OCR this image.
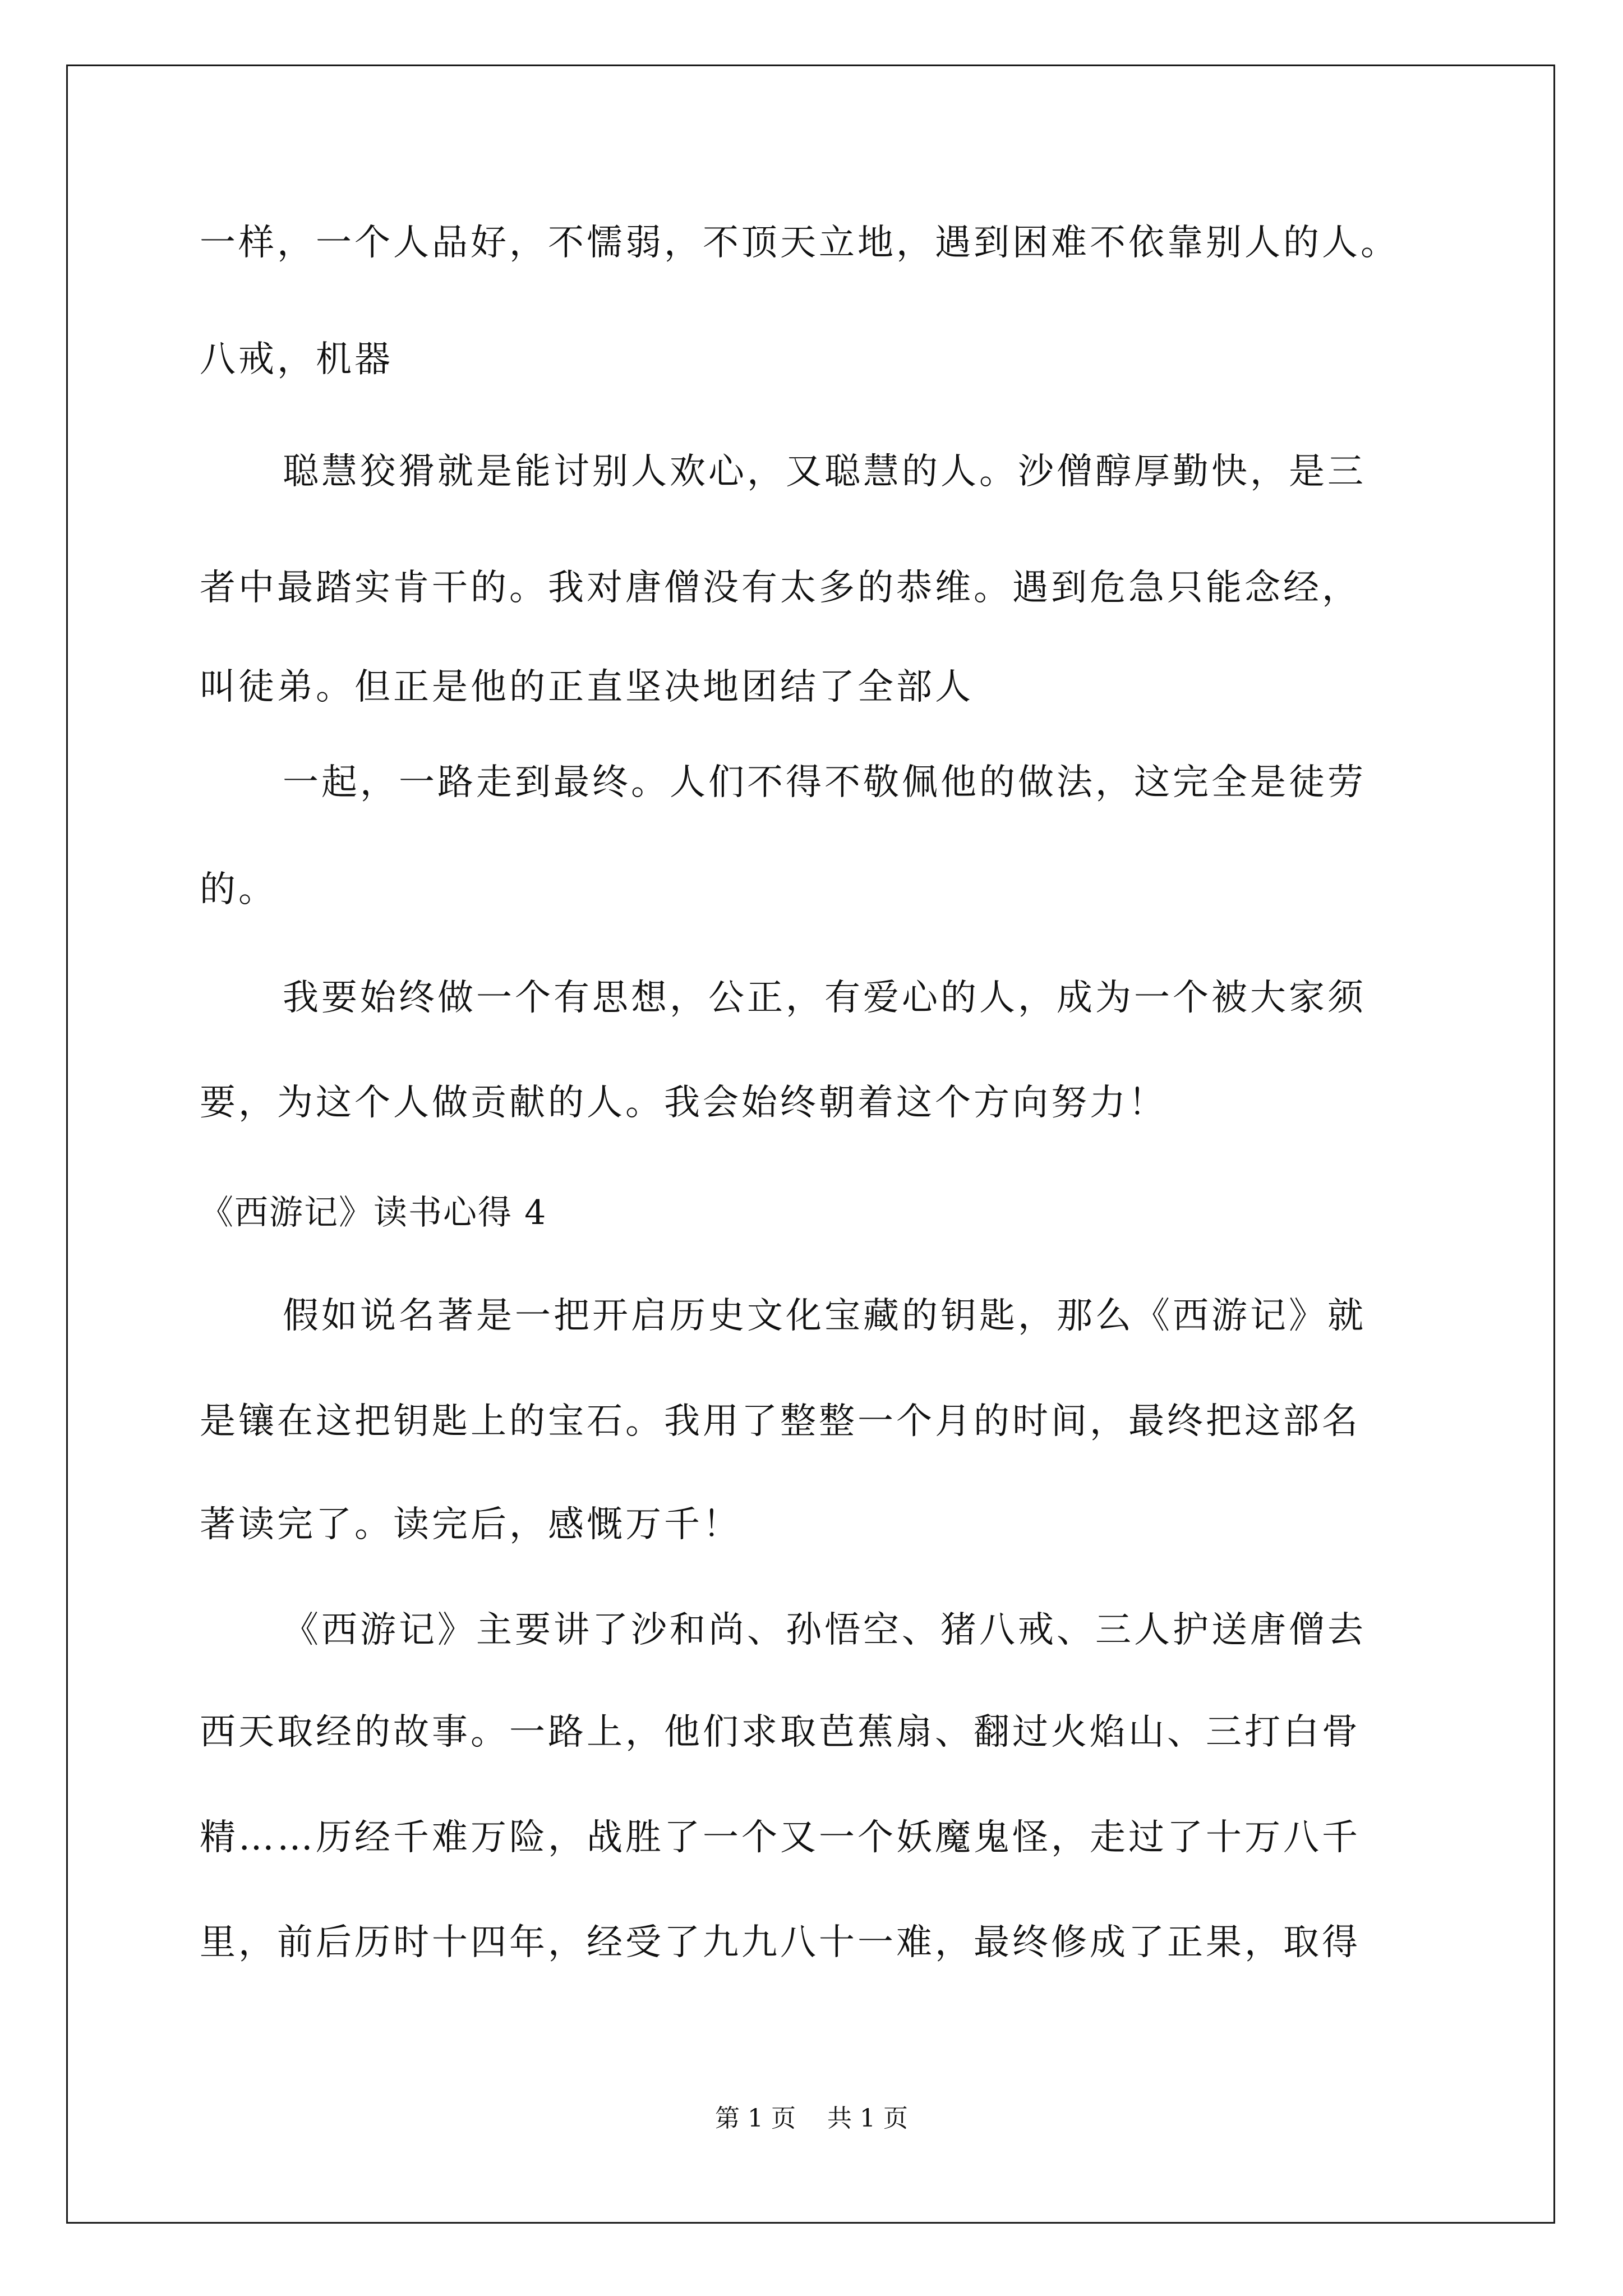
一样，一个人品好，不懦弱，不顶天立地，遇到困难不依靠别人的人。
八戒，机器
聪慧狡猾就是能讨别人欢心，又聪慧的人。沙僧醇厚勤快，是三
者中最踏实肯干的。我对唐僧没有太多的恭维。遇到危急只能念经，
叫徒弟。但正是他的正直坚决地团结了全部人
一起，一路走到最终。人们不得不敬佩他的做法，这完全是徒劳
的。
我要始终做一个有思想，公正，有爱心的人，成为一个被大家须
要，为这个人做贡献的人。我会始终朝着这个方向努力！
《西游记》读书心得 4
假如说名著是一把开启历史文化宝藏的钥匙，那么《西游记》就
是镶在这把钥匙上的宝石。我用了整整一个月的时间，最终把这部名
著读完了。读完后，感慨万千！
《西游记》主要讲了沙和尚、孙悟空、猪八戒、三人护送唐僧去
西天取经的故事。一路上，他们求取芭蕉扇、翻过火焰山、三打白骨
精……历经千难万险，战胜了一个又一个妖魔鬼怪，走过了十万八千
里，前后历时十四年，经受了九九八十一难，最终修成了正果，取得
第 1 页 共 1 页
